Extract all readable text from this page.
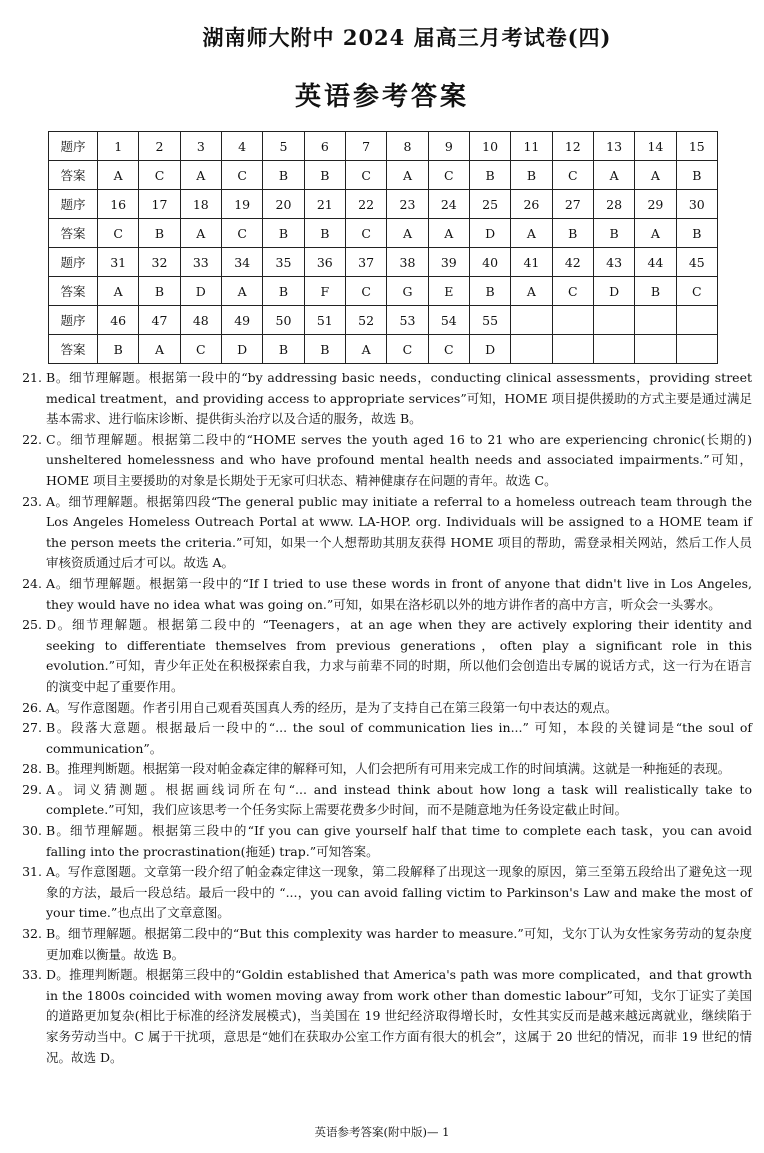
湖南师大附中 2024 届高三月考试卷(四)
英语参考答案
题序	1	2	3	4	5	6	7	8	9	10	11	12	13	14	15
答案	A	C	A	C	B	B	C	A	C	B	B	C	A	A	B
题序	16	17	18	19	20	21	22	23	24	25	26	27	28	29	30
答案	C	B	A	C	B	B	C	A	A	D	A	B	B	A	B
题序	31	32	33	34	35	36	37	38	39	40	41	42	43	44	45
答案	A	B	D	A	B	F	C	G	E	B	A	C	D	B	C
题序	46	47	48	49	50	51	52	53	54	55					
答案	B	A	C	D	B	B	A	C	C	D					
21. B。细节理解题。根据第一段中的“by addressing basic needs，conducting clinical assessments，providing street medical treatment，and providing access to appropriate services”可知，HOME 项目提供援助的方式主要是通过满足基本需求、进行临床诊断、提供街头治疗以及合适的服务，故选 B。
22. C。细节理解题。根据第二段中的“HOME serves the youth aged 16 to 21 who are experiencing chronic(长期的) unsheltered homelessness and who have profound mental health needs and associated impairments.”可知，HOME 项目主要援助的对象是长期处于无家可归状态、精神健康存在问题的青年。故选 C。
23. A。细节理解题。根据第四段“The general public may initiate a referral to a homeless outreach team through the Los Angeles Homeless Outreach Portal at www. LA-HOP. org. Individuals will be assigned to a HOME team if the person meets the criteria.”可知，如果一个人想帮助其朋友获得 HOME 项目的帮助，需登录相关网站，然后工作人员审核资质通过后才可以。故选 A。
24. A。细节理解题。根据第一段中的“If I tried to use these words in front of anyone that didn't live in Los Angeles, they would have no idea what was going on.”可知，如果在洛杉矶以外的地方讲作者的高中方言，听众会一头雾水。
25. D。细节理解题。根据第二段中的 “Teenagers，at an age when they are actively exploring their identity and seeking to differentiate themselves from previous generations，often play a significant role in this evolution.”可知，青少年正处在积极探索自我，力求与前辈不同的时期，所以他们会创造出专属的说话方式，这一行为在语言的演变中起了重要作用。
26. A。写作意图题。作者引用自己观看英国真人秀的经历，是为了支持自己在第三段第一句中表达的观点。
27. B。段落大意题。根据最后一段中的“... the soul of communication lies in...” 可知，本段的关键词是“the soul of communication”。
28. B。推理判断题。根据第一段对帕金森定律的解释可知，人们会把所有可用来完成工作的时间填满。这就是一种拖延的表现。
29. A。词义猜测题。根据画线词所在句“... and instead think about how long a task will realistically take to complete.”可知，我们应该思考一个任务实际上需要花费多少时间，而不是随意地为任务设定截止时间。
30. B。细节理解题。根据第三段中的“If you can give yourself half that time to complete each task，you can avoid falling into the procrastination(拖延) trap.”可知答案。
31. A。写作意图题。文章第一段介绍了帕金森定律这一现象，第二段解释了出现这一现象的原因，第三至第五段给出了避免这一现象的方法，最后一段总结。最后一段中的 “...，you can avoid falling victim to Parkinson's Law and make the most of your time.”也点出了文章意图。
32. B。细节理解题。根据第二段中的“But this complexity was harder to measure.”可知，戈尔丁认为女性家务劳动的复杂度更加难以衡量。故选 B。
33. D。推理判断题。根据第三段中的“Goldin established that America's path was more complicated，and that growth in the 1800s coincided with women moving away from work other than domestic labour”可知，戈尔丁证实了美国的道路更加复杂(相比于标准的经济发展模式)，当美国在 19 世纪经济取得增长时，女性其实反而是越来越远离就业，继续陷于家务劳动当中。C 属于干扰项，意思是“她们在获取办公室工作方面有很大的机会”，这属于 20 世纪的情况，而非 19 世纪的情况。故选 D。
英语参考答案(附中版)— 1
